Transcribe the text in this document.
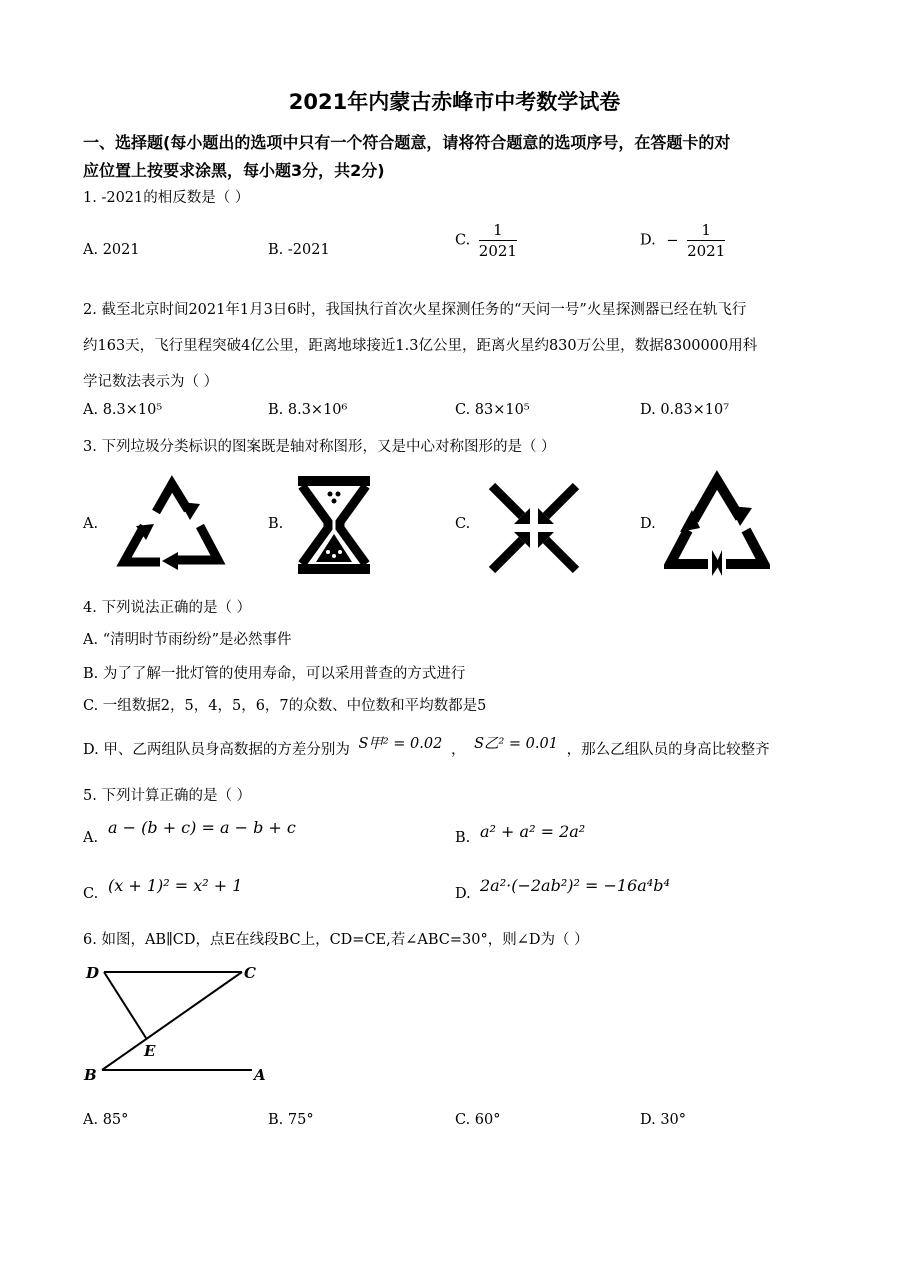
2021年内蒙古赤峰市中考数学试卷
一、选择题(每小题出的选项中只有一个符合题意，请将符合题意的选项序号，在答题卡的对
应位置上按要求涂黑，每小题3分，共2分)
1. -2021的相反数是（ ）
A. 2021	B. -2021
C. $\frac{1}{2021}$	D. − $\frac{1}{2021}$
2. 截至北京时间2021年1月3日6时，我国执行首次火星探测任务的“天问一号”火星探测器已经在轨飞行
约163天，飞行里程突破4亿公里，距离地球接近1.3亿公里，距离火星约830万公里，数据8300000用科
学记数法表示为（ ）
A. 8.3×10⁵	B. 8.3×10⁶	C. 83×10⁵	D. 0.83×10⁷
3. 下列垃圾分类标识的图案既是轴对称图形，又是中心对称图形的是（ ）
A.	B.	C.	D.
4. 下列说法正确的是（ ）
A. “清明时节雨纷纷”是必然事件
B. 为了了解一批灯管的使用寿命，可以采用普查的方式进行
C. 一组数据2，5，4，5，6，7的众数、中位数和平均数都是5
D. 甲、乙两组队员身高数据的方差分别为 S甲² = 0.02 ， S乙² = 0.01 ，那么乙组队员的身高比较整齐
5. 下列计算正确的是（ ）
A.
a − (b + c) = a − b + c
B. a² + a² = 2a²
C. (x + 1)² = x² + 1	D. 2a²·(−2ab²)² = −16a⁴b⁴
6. 如图，AB∥CD，点E在线段BC上，CD=CE,若∠ABC=30°，则∠D为（ ）
D	C
E
B	A
A. 85°	B. 75°	C. 60°	D. 30°
